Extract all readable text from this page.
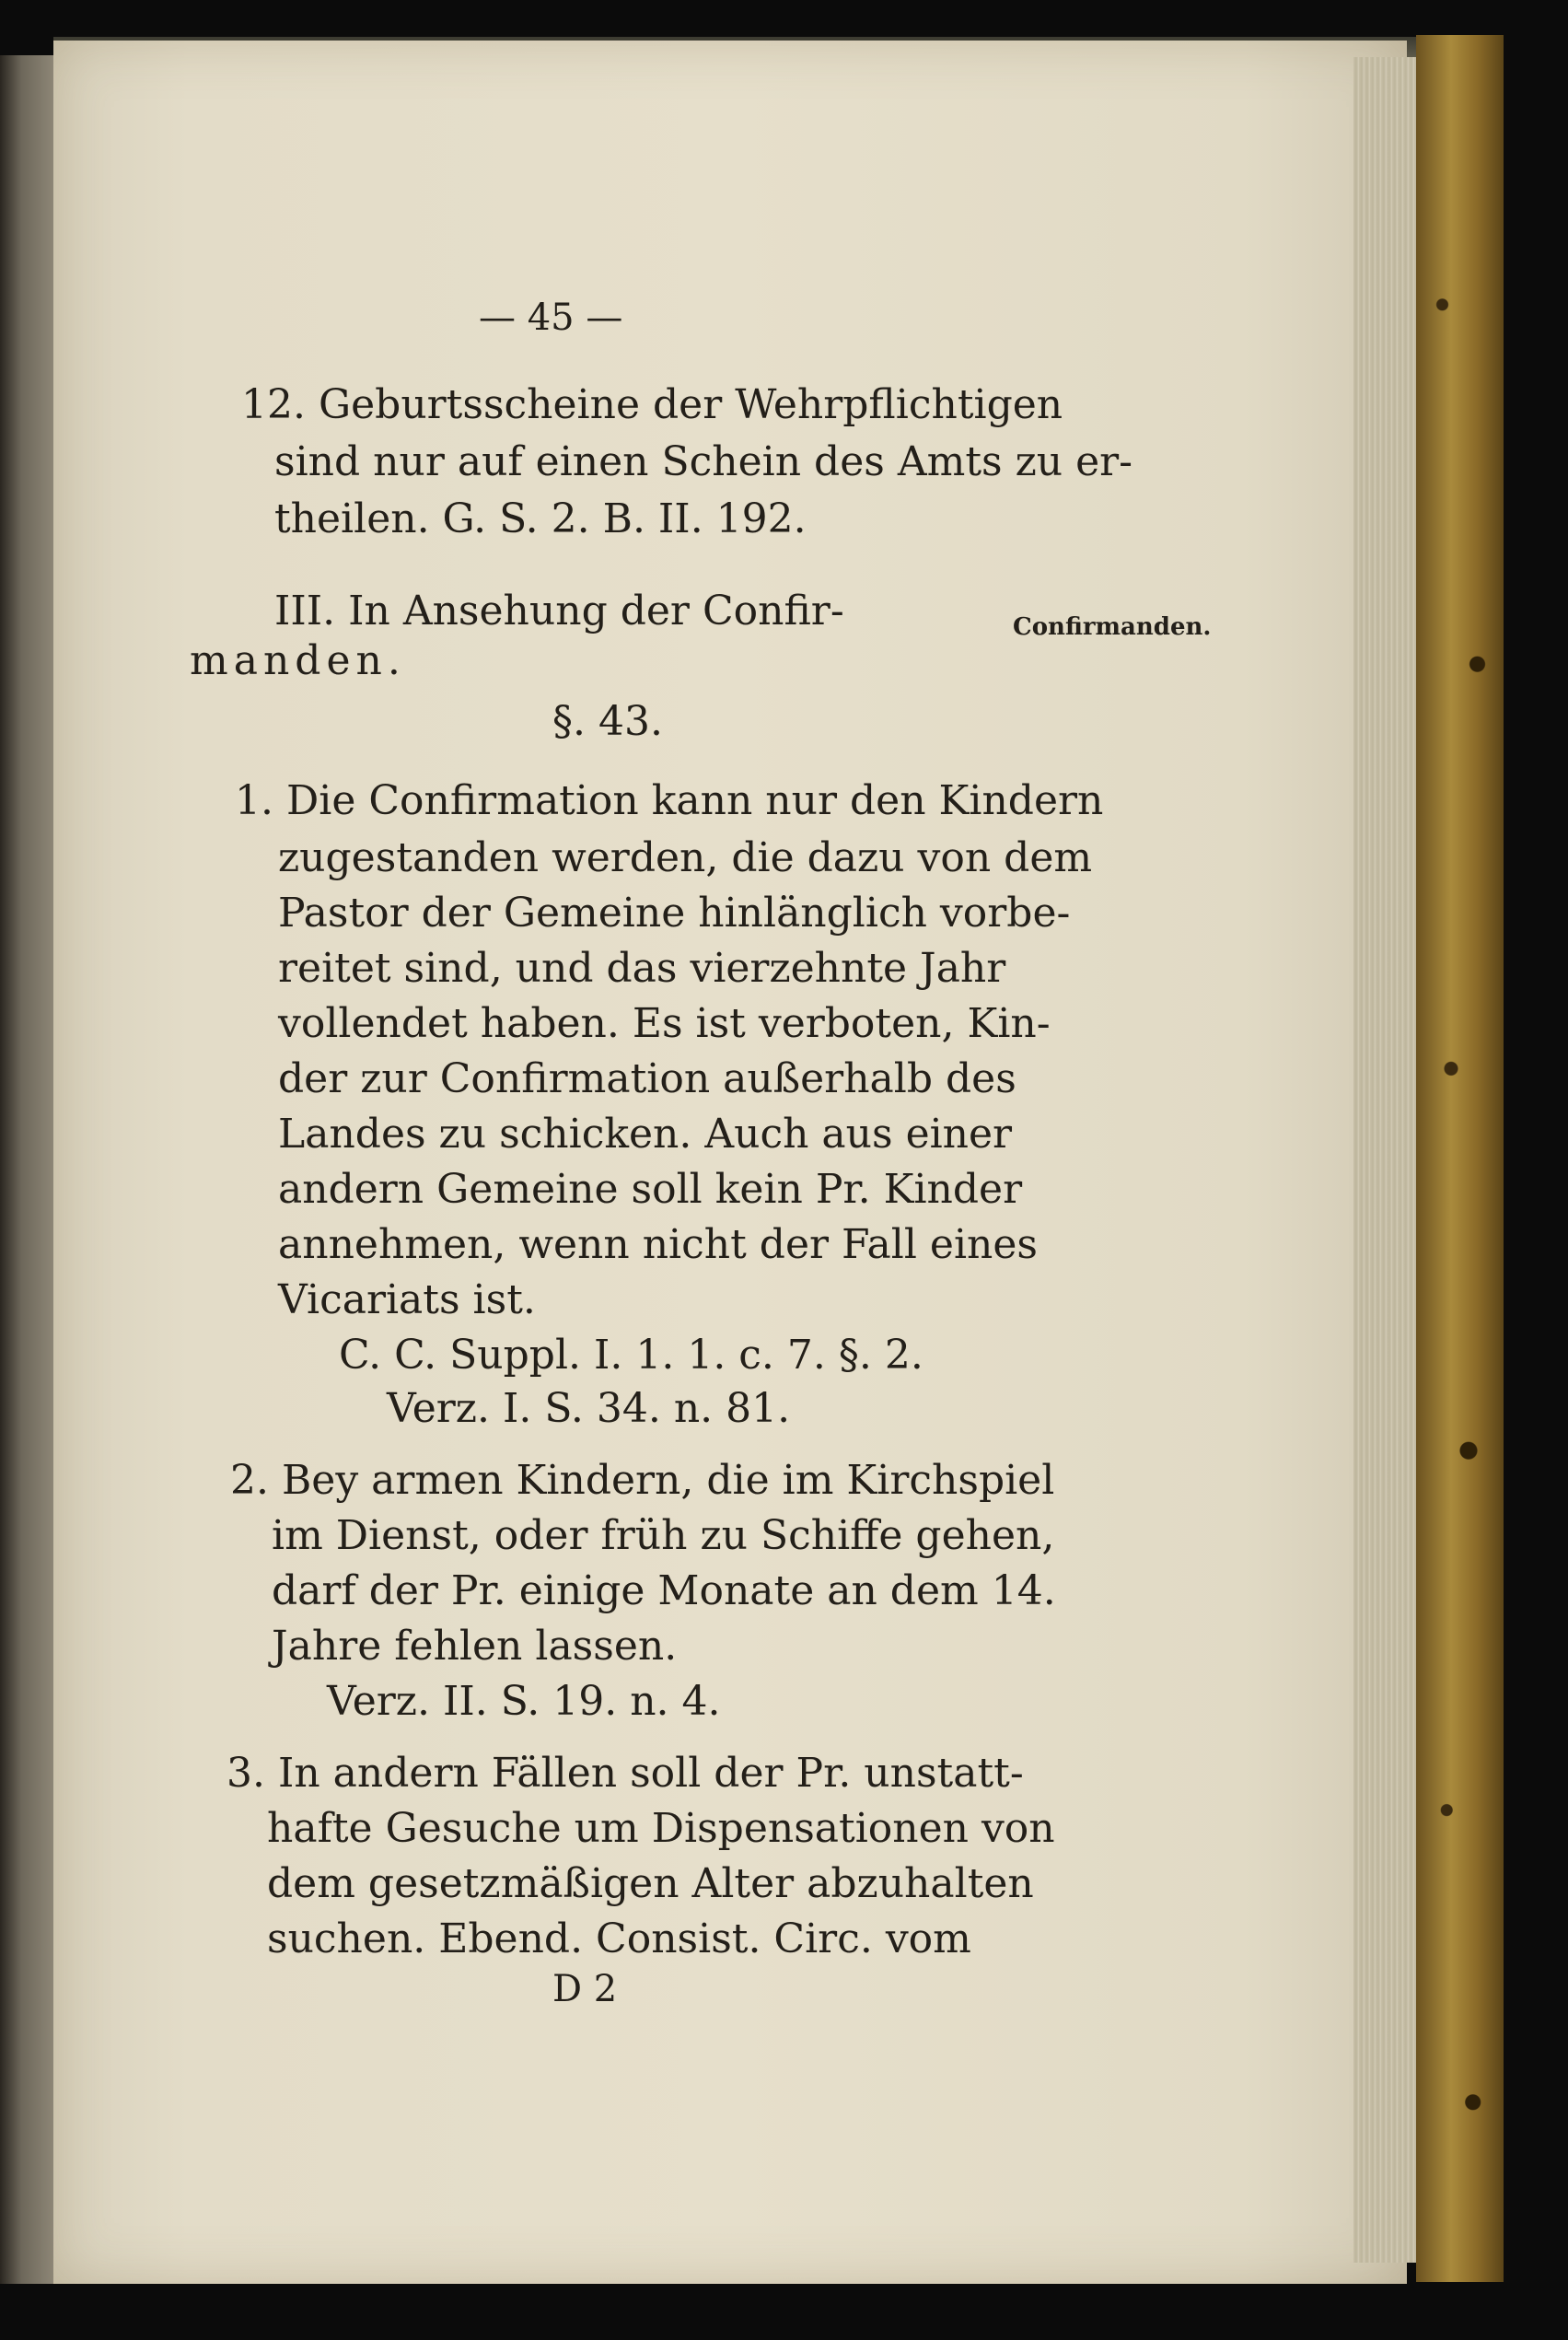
— 45 —
12. Geburtsscheine der Wehrpflichtigen
sind nur auf einen Schein des Amts zu er-
theilen. G. S. 2. B. II. 192.
III. In Ansehung der Confir-	Confirmanden.
manden.
§. 43.
1. Die Confirmation kann nur den Kindern
zugestanden werden, die dazu von dem
Pastor der Gemeine hinlänglich vorbe-
reitet sind, und das vierzehnte Jahr
vollendet haben. Es ist verboten, Kin-
der zur Confirmation außerhalb des
Landes zu schicken. Auch aus einer
andern Gemeine soll kein Pr. Kinder
annehmen, wenn nicht der Fall eines
Vicariats ist.
C. C. Suppl. I. 1. 1. c. 7. §. 2.
Verz. I. S. 34. n. 81.
2. Bey armen Kindern, die im Kirchspiel
im Dienst, oder früh zu Schiffe gehen,
darf der Pr. einige Monate an dem 14.
Jahre fehlen lassen.
Verz. II. S. 19. n. 4.
3. In andern Fällen soll der Pr. unstatt-
hafte Gesuche um Dispensationen von
dem gesetzmäßigen Alter abzuhalten
suchen. Ebend. Consist. Circ. vom
D 2
